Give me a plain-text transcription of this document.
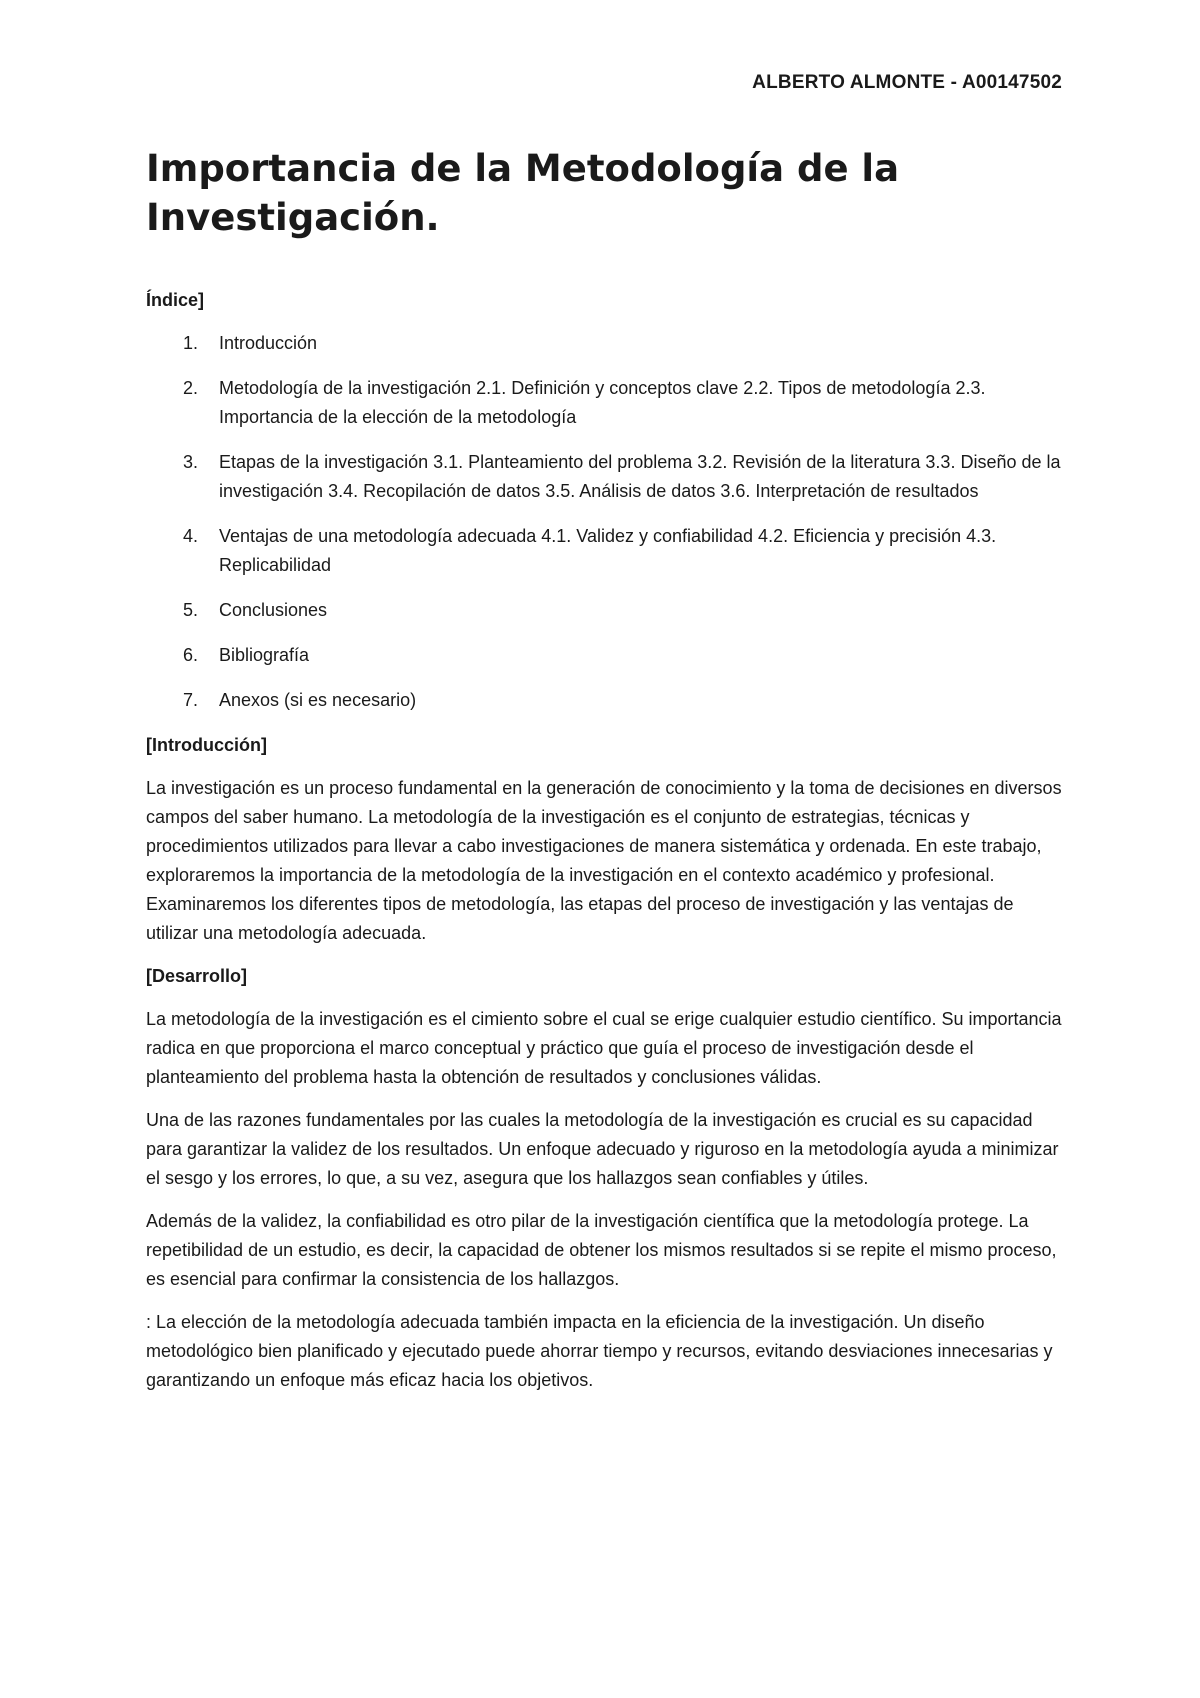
ALBERTO ALMONTE - A00147502
Importancia de la Metodología de la Investigación.
Índice]
1.	Introducción
2.	Metodología de la investigación 2.1. Definición y conceptos clave 2.2. Tipos de metodología 2.3. Importancia de la elección de la metodología
3.	Etapas de la investigación 3.1. Planteamiento del problema 3.2. Revisión de la literatura 3.3. Diseño de la investigación 3.4. Recopilación de datos 3.5. Análisis de datos 3.6. Interpretación de resultados
4.	Ventajas de una metodología adecuada 4.1. Validez y confiabilidad 4.2. Eficiencia y precisión 4.3. Replicabilidad
5.	Conclusiones
6.	Bibliografía
7.	Anexos (si es necesario)
[Introducción]

La investigación es un proceso fundamental en la generación de conocimiento y la toma de decisiones en diversos campos del saber humano. La metodología de la investigación es el conjunto de estrategias, técnicas y procedimientos utilizados para llevar a cabo investigaciones de manera sistemática y ordenada. En este trabajo, exploraremos la importancia de la metodología de la investigación en el contexto académico y profesional. Examinaremos los diferentes tipos de metodología, las etapas del proceso de investigación y las ventajas de utilizar una metodología adecuada.

[Desarrollo]

La metodología de la investigación es el cimiento sobre el cual se erige cualquier estudio científico. Su importancia radica en que proporciona el marco conceptual y práctico que guía el proceso de investigación desde el planteamiento del problema hasta la obtención de resultados y conclusiones válidas.

Una de las razones fundamentales por las cuales la metodología de la investigación es crucial es su capacidad para garantizar la validez de los resultados. Un enfoque adecuado y riguroso en la metodología ayuda a minimizar el sesgo y los errores, lo que, a su vez, asegura que los hallazgos sean confiables y útiles.

Además de la validez, la confiabilidad es otro pilar de la investigación científica que la metodología protege. La repetibilidad de un estudio, es decir, la capacidad de obtener los mismos resultados si se repite el mismo proceso, es esencial para confirmar la consistencia de los hallazgos.

: La elección de la metodología adecuada también impacta en la eficiencia de la investigación. Un diseño metodológico bien planificado y ejecutado puede ahorrar tiempo y recursos, evitando desviaciones innecesarias y garantizando un enfoque más eficaz hacia los objetivos.
